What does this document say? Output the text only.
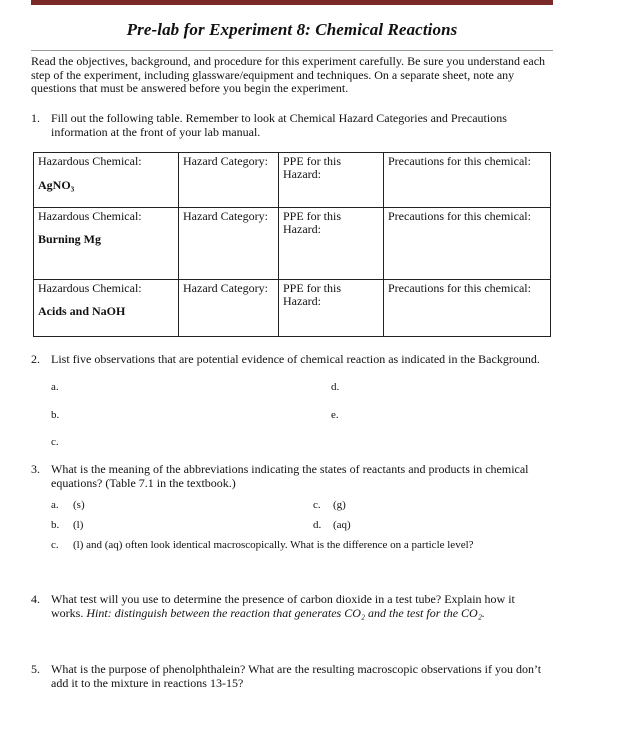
Pre-lab for Experiment 8: Chemical Reactions
Read the objectives, background, and procedure for this experiment carefully. Be sure you understand each step of the experiment, including glassware/equipment and techniques. On a separate sheet, note any questions that must be answered before you begin the experiment.
1. Fill out the following table. Remember to look at Chemical Hazard Categories and Precautions information at the front of your lab manual.
Hazardous Chemical:
AgNO₃	Hazard Category:	PPE for this Hazard:	Precautions for this chemical:
Hazardous Chemical:
Burning Mg	Hazard Category:	PPE for this Hazard:	Precautions for this chemical:
Hazardous Chemical:
Acids and NaOH	Hazard Category:	PPE for this Hazard:	Precautions for this chemical:
2. List five observations that are potential evidence of chemical reaction as indicated in the Background.
a.
b.
c.
d.
e.
3. What is the meaning of the abbreviations indicating the states of reactants and products in chemical equations? (Table 7.1 in the textbook.)
a. (s)
b. (l)
c. (l) and (aq) often look identical macroscopically. What is the difference on a particle level?
c. (g)
d. (aq)
4. What test will you use to determine the presence of carbon dioxide in a test tube? Explain how it works. Hint: distinguish between the reaction that generates CO₂ and the test for the CO₂.
5. What is the purpose of phenolphthalein? What are the resulting macroscopic observations if you don’t add it to the mixture in reactions 13-15?
